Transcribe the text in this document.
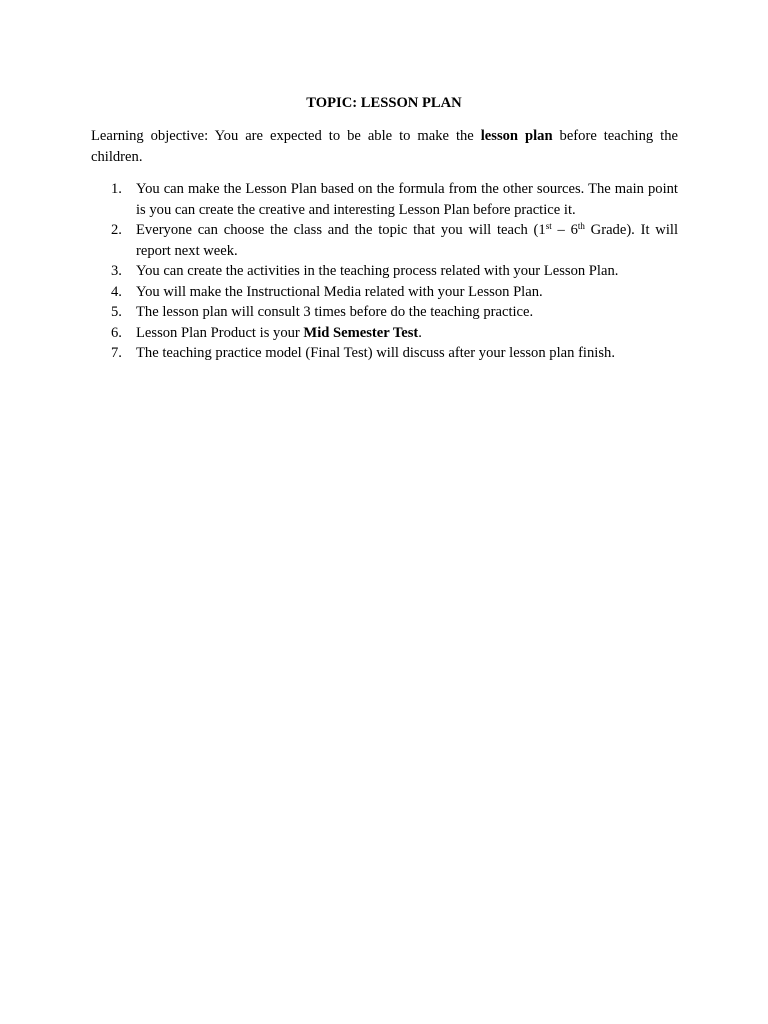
TOPIC: LESSON PLAN

Learning objective: You are expected to be able to make the lesson plan before teaching the children.

1. You can make the Lesson Plan based on the formula from the other sources. The main point is you can create the creative and interesting Lesson Plan before practice it.
2. Everyone can choose the class and the topic that you will teach (1st – 6th Grade). It will report next week.
3. You can create the activities in the teaching process related with your Lesson Plan.
4. You will make the Instructional Media related with your Lesson Plan.
5. The lesson plan will consult 3 times before do the teaching practice.
6. Lesson Plan Product is your Mid Semester Test.
7. The teaching practice model (Final Test) will discuss after your lesson plan finish.
